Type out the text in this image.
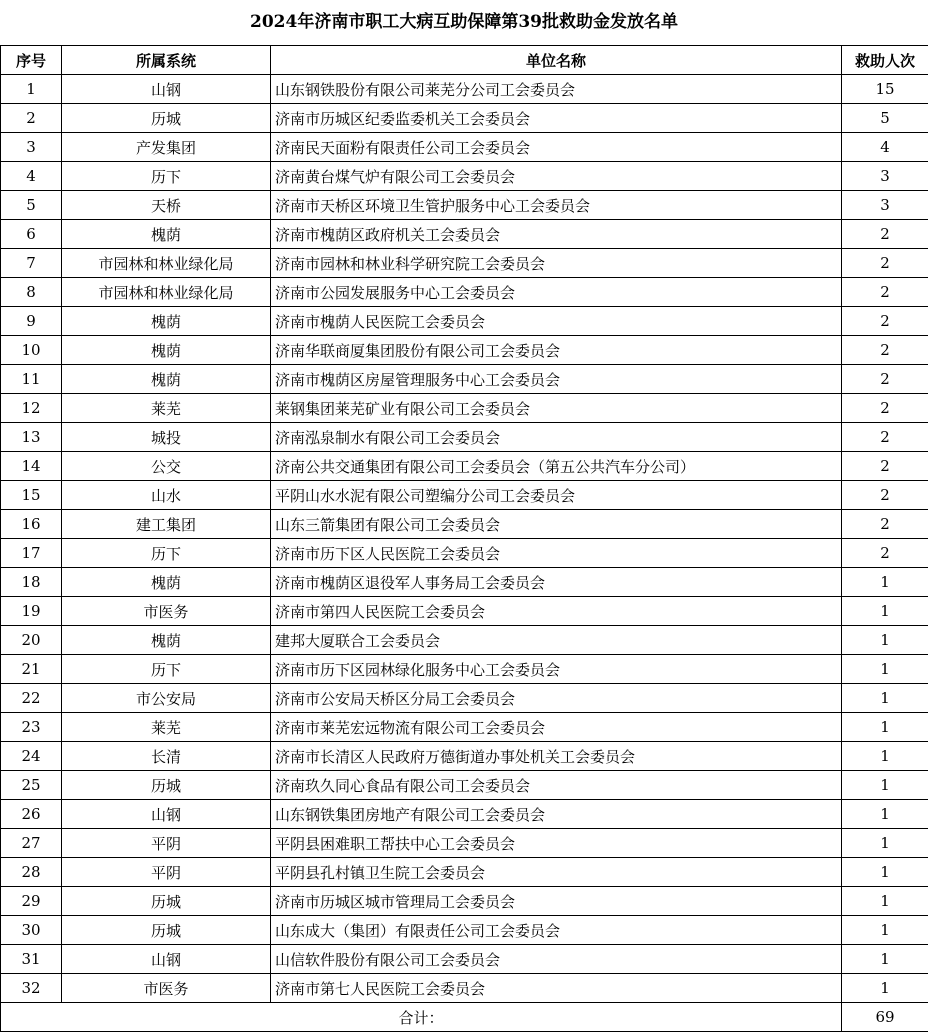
2024年济南市职工大病互助保障第39批救助金发放名单
序号	所属系统	单位名称	救助人次
1	山钢	山东钢铁股份有限公司莱芜分公司工会委员会	15
2	历城	济南市历城区纪委监委机关工会委员会	5
3	产发集团	济南民天面粉有限责任公司工会委员会	4
4	历下	济南黄台煤气炉有限公司工会委员会	3
5	天桥	济南市天桥区环境卫生管护服务中心工会委员会	3
6	槐荫	济南市槐荫区政府机关工会委员会	2
7	市园林和林业绿化局	济南市园林和林业科学研究院工会委员会	2
8	市园林和林业绿化局	济南市公园发展服务中心工会委员会	2
9	槐荫	济南市槐荫人民医院工会委员会	2
10	槐荫	济南华联商厦集团股份有限公司工会委员会	2
11	槐荫	济南市槐荫区房屋管理服务中心工会委员会	2
12	莱芜	莱钢集团莱芜矿业有限公司工会委员会	2
13	城投	济南泓泉制水有限公司工会委员会	2
14	公交	济南公共交通集团有限公司工会委员会（第五公共汽车分公司）	2
15	山水	平阴山水水泥有限公司塑编分公司工会委员会	2
16	建工集团	山东三箭集团有限公司工会委员会	2
17	历下	济南市历下区人民医院工会委员会	2
18	槐荫	济南市槐荫区退役军人事务局工会委员会	1
19	市医务	济南市第四人民医院工会委员会	1
20	槐荫	建邦大厦联合工会委员会	1
21	历下	济南市历下区园林绿化服务中心工会委员会	1
22	市公安局	济南市公安局天桥区分局工会委员会	1
23	莱芜	济南市莱芜宏远物流有限公司工会委员会	1
24	长清	济南市长清区人民政府万德街道办事处机关工会委员会	1
25	历城	济南玖久同心食品有限公司工会委员会	1
26	山钢	山东钢铁集团房地产有限公司工会委员会	1
27	平阴	平阴县困难职工帮扶中心工会委员会	1
28	平阴	平阴县孔村镇卫生院工会委员会	1
29	历城	济南市历城区城市管理局工会委员会	1
30	历城	山东成大（集团）有限责任公司工会委员会	1
31	山钢	山信软件股份有限公司工会委员会	1
32	市医务	济南市第七人民医院工会委员会	1
合计：			69
